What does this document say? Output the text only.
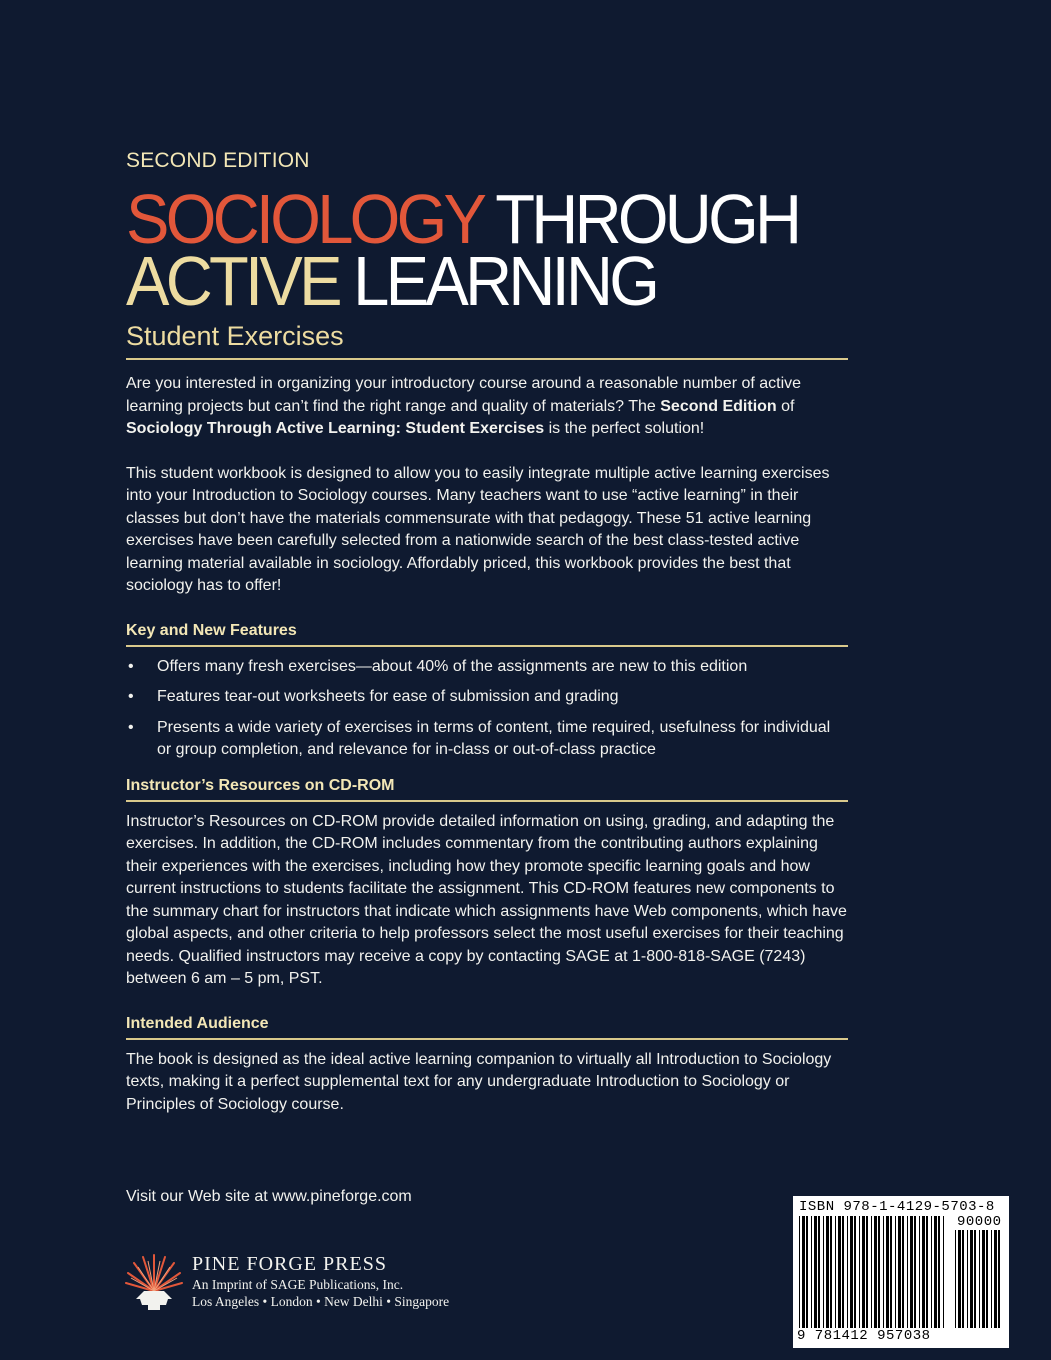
SECOND EDITION
SOCIOLOGY THROUGH
ACTIVE LEARNING
Student Exercises

Are you interested in organizing your introductory course around a reasonable number of active learning projects but can’t find the right range and quality of materials? The Second Edition of Sociology Through Active Learning: Student Exercises is the perfect solution!

This student workbook is designed to allow you to easily integrate multiple active learning exercises into your Introduction to Sociology courses. Many teachers want to use “active learning” in their classes but don’t have the materials commensurate with that pedagogy. These 51 active learning exercises have been carefully selected from a nationwide search of the best class-tested active learning material available in sociology. Affordably priced, this workbook provides the best that sociology has to offer!

Key and New Features
• Offers many fresh exercises—about 40% of the assignments are new to this edition
• Features tear-out worksheets for ease of submission and grading
• Presents a wide variety of exercises in terms of content, time required, usefulness for individual or group completion, and relevance for in-class or out-of-class practice
Instructor’s Resources on CD-ROM

Instructor’s Resources on CD-ROM provide detailed information on using, grading, and adapting the exercises. In addition, the CD-ROM includes commentary from the contributing authors explaining their experiences with the exercises, including how they promote specific learning goals and how current instructions to students facilitate the assignment. This CD-ROM features new components to the summary chart for instructors that indicate which assignments have Web components, which have global aspects, and other criteria to help professors select the most useful exercises for their teaching needs. Qualified instructors may receive a copy by contacting SAGE at 1-800-818-SAGE (7243) between 6 am – 5 pm, PST.

Intended Audience

The book is designed as the ideal active learning companion to virtually all Introduction to Sociology texts, making it a perfect supplemental text for any undergraduate Introduction to Sociology or Principles of Sociology course.

Visit our Web site at www.pineforge.com
PINE FORGE PRESS
An Imprint of SAGE Publications, Inc.
Los Angeles • London • New Delhi • Singapore
ISBN 978-1-4129-5703-8
90000
9 781412 957038
